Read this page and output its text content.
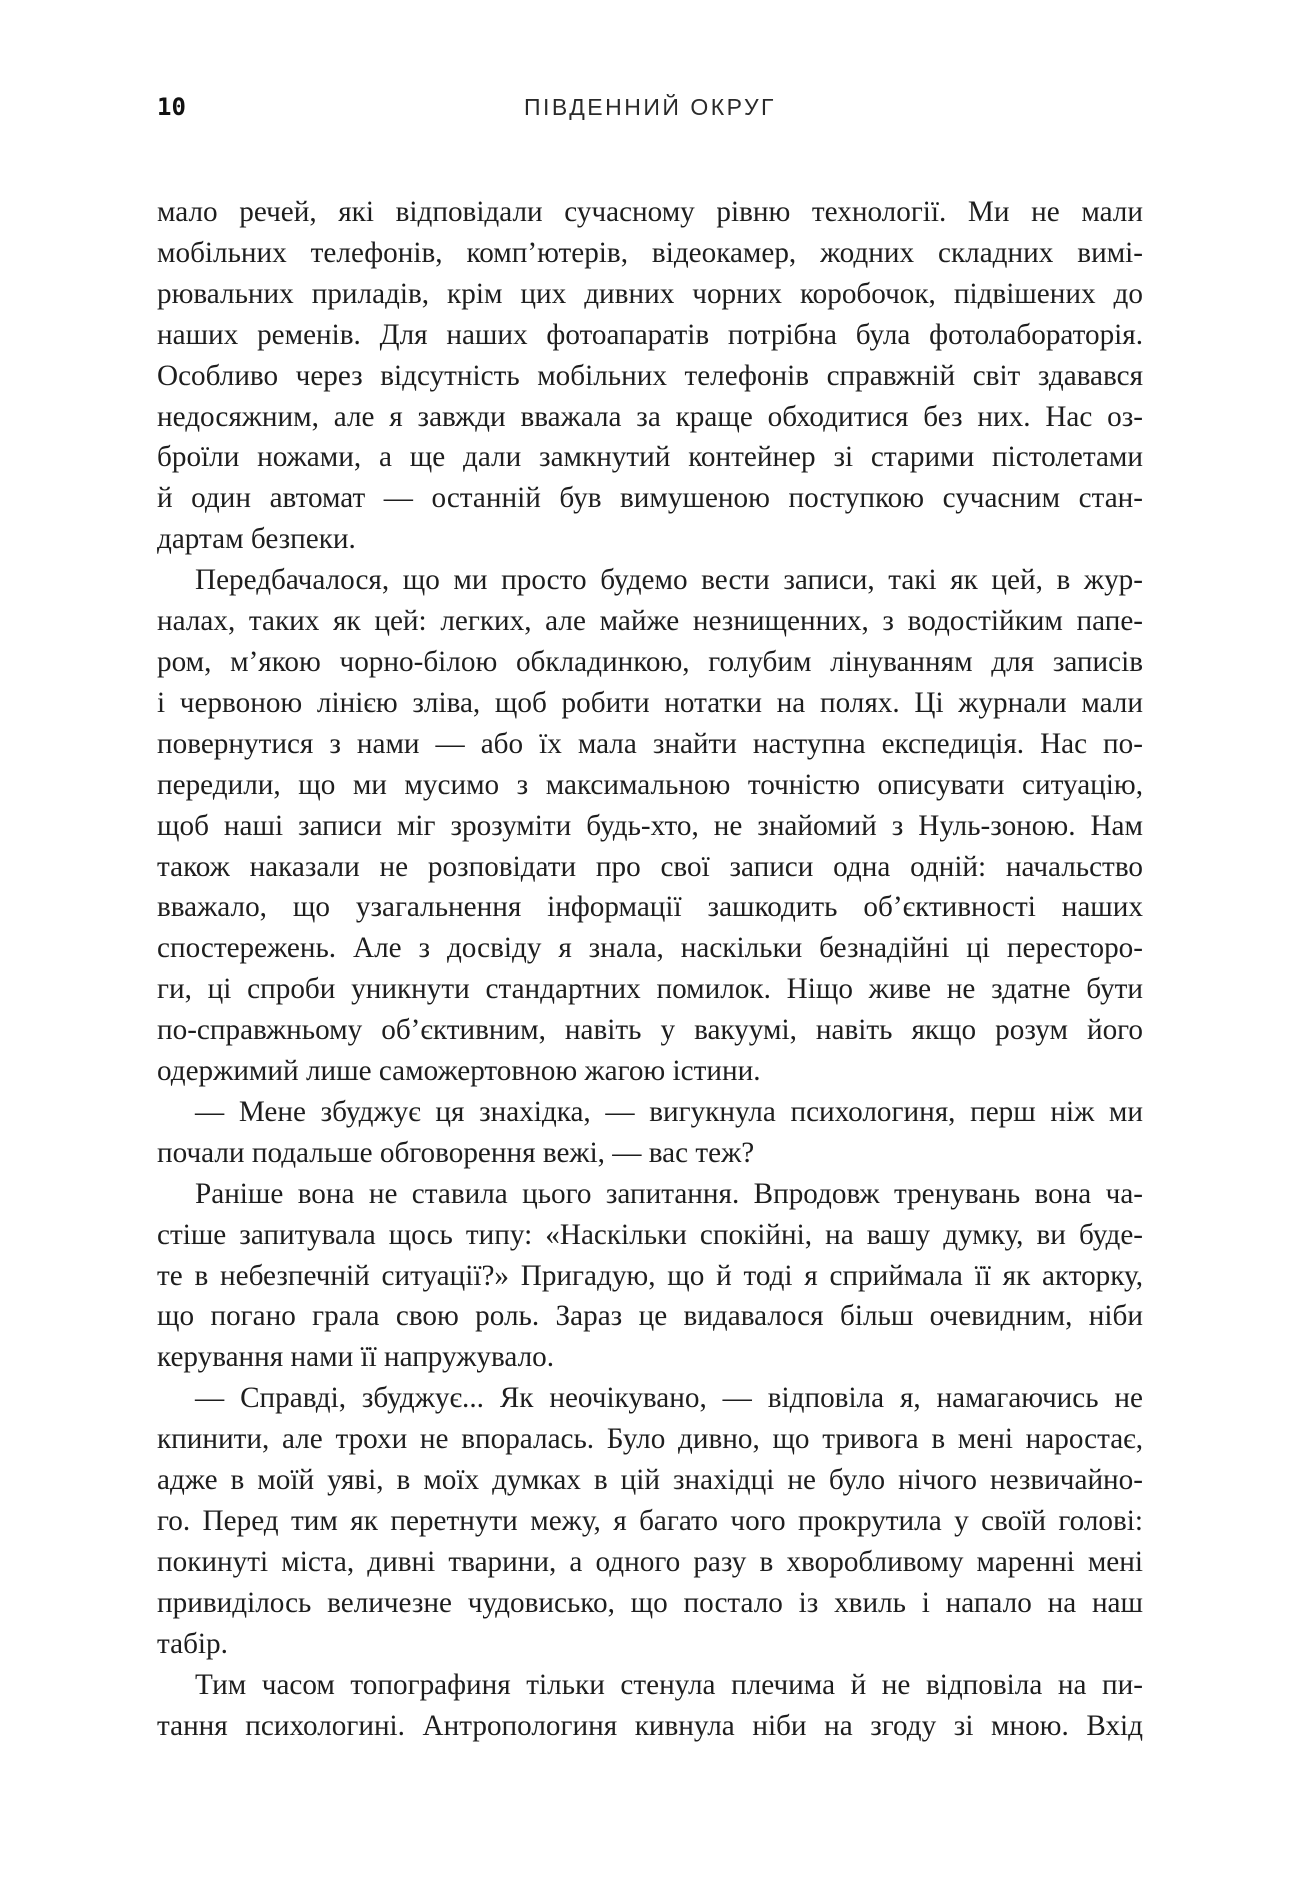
10	ПІВДЕННИЙ ОКРУГ

мало речей, які відповідали сучасному рівню технології. Ми не мали
мобільних телефонів, комп’ютерів, відеокамер, жодних складних вимі-
рювальних приладів, крім цих дивних чорних коробочок, підвішених до
наших ременів. Для наших фотоапаратів потрібна була фотолабораторія.
Особливо через відсутність мобільних телефонів справжній світ здавався
недосяжним, але я завжди вважала за краще обходитися без них. Нас оз-
броїли ножами, а ще дали замкнутий контейнер зі старими пістолетами
й один автомат — останній був вимушеною поступкою сучасним стан-
дартам безпеки.

Передбачалося, що ми просто будемо вести записи, такі як цей, в жур-
налах, таких як цей: легких, але майже незнищенних, з водостійким папе-
ром, м’якою чорно-білою обкладинкою, голубим лінуванням для записів
і червоною лінією зліва, щоб робити нотатки на полях. Ці журнали мали
повернутися з нами — або їх мала знайти наступна експедиція. Нас по-
передили, що ми мусимо з максимальною точністю описувати ситуацію,
щоб наші записи міг зрозуміти будь-хто, не знайомий з Нуль-зоною. Нам
також наказали не розповідати про свої записи одна одній: начальство
вважало, що узагальнення інформації зашкодить об’єктивності наших
спостережень. Але з досвіду я знала, наскільки безнадійні ці перестoро-
ги, ці спроби уникнути стандартних помилок. Ніщо живе не здатне бути
по-справжньому об’єктивним, навіть у вакуумі, навіть якщо розум його
одержимий лише саможертовною жагою істини.

— Мене збуджує ця знахідка, — вигукнула психологиня, перш ніж ми
почали подальше обговорення вежі, — вас теж?

Раніше вона не ставила цього запитання. Впродовж тренувань вона ча-
стіше запитувала щось типу: «Наскільки спокійні, на вашу думку, ви буде-
те в небезпечній ситуації?» Пригадую, що й тоді я сприймала її як акторку,
що погано грала свою роль. Зараз це видавалося більш очевидним, ніби
керування нами її напружувало.

— Справді, збуджує... Як неочікувано, — відповіла я, намагаючись не
кпинити, але трохи не впоралась. Було дивно, що тривога в мені наростає,
адже в моїй уяві, в моїх думках в цій знахідці не було нічого незвичайно-
го. Перед тим як перетнути межу, я багато чого прокрутила у своїй голові:
покинуті міста, дивні тварини, а одного разу в хворобливому маренні мені
привиділось величезне чудовисько, що постало із хвиль і напало на наш
табір.

Тим часом топографиня тільки стенула плечима й не відповіла на пи-
тання психологині. Антропологиня кивнула ніби на згоду зі мною. Вхід
